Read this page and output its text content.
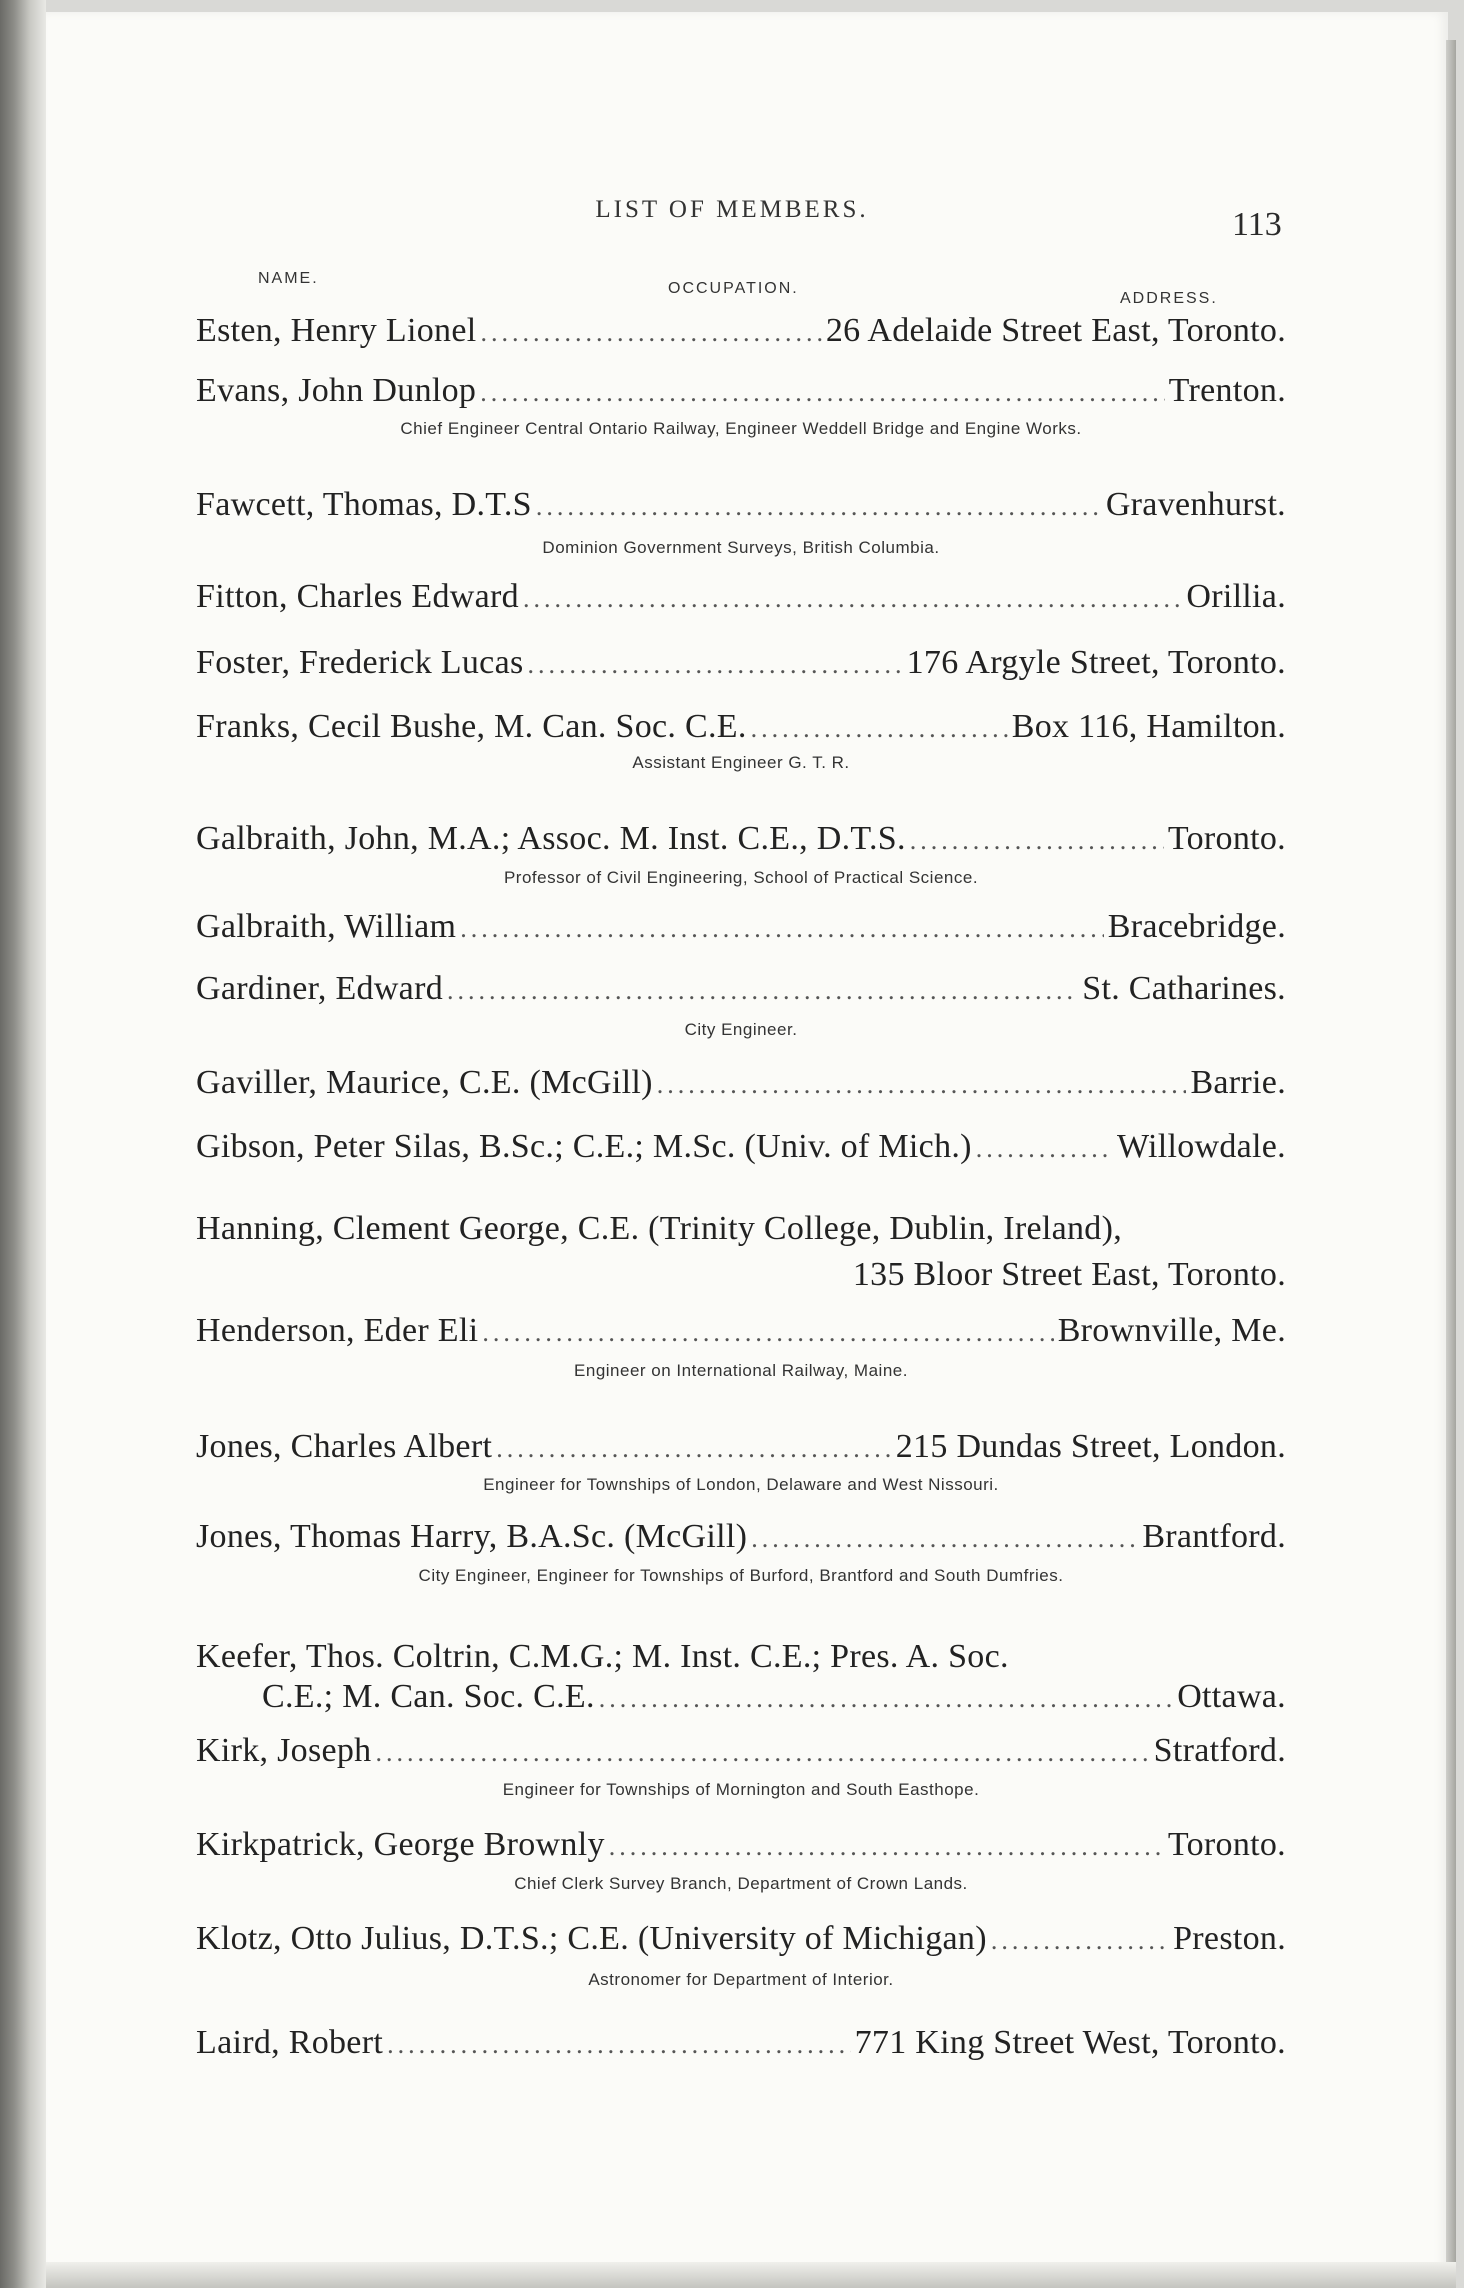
LIST OF MEMBERS.	113
NAME.
OCCUPATION.
ADDRESS.
Esten, Henry Lionel .....	26 Adelaide Street East, Toronto.
Evans, John Dunlop .....	Trenton.
Chief Engineer Central Ontario Railway, Engineer Weddell Bridge and Engine Works.
Fawcett, Thomas, D.T.S .....	Gravenhurst.
Dominion Government Surveys, British Columbia.
Fitton, Charles Edward .....	Orillia.
Foster, Frederick Lucas .....	176 Argyle Street, Toronto.
Franks, Cecil Bushe, M. Can. Soc. C.E. .....	Box 116, Hamilton.
Assistant Engineer G. T. R.
Galbraith, John, M.A.; Assoc. M. Inst. C.E., D.T.S. .....	Toronto.
Professor of Civil Engineering, School of Practical Science.
Galbraith, William .....	Bracebridge.
Gardiner, Edward .....	St. Catharines.
City Engineer.
Gaviller, Maurice, C.E. (McGill) .....	Barrie.
Gibson, Peter Silas, B.Sc.; C.E.; M.Sc. (Univ. of Mich.) .....	Willowdale.
Hanning, Clement George, C.E. (Trinity College, Dublin, Ireland),
135 Bloor Street East, Toronto.
Henderson, Eder Eli .....	Brownville, Me.
Engineer on International Railway, Maine.
Jones, Charles Albert .....	215 Dundas Street, London.
Engineer for Townships of London, Delaware and West Nissouri.
Jones, Thomas Harry, B.A.Sc. (McGill) .....	Brantford.
City Engineer, Engineer for Townships of Burford, Brantford and South Dumfries.
Keefer, Thos. Coltrin, C.M.G.; M. Inst. C.E.; Pres. A. Soc.
C.E.; M. Can. Soc. C.E. .....	Ottawa.
Kirk, Joseph .....	Stratford.
Engineer for Townships of Mornington and South Easthope.
Kirkpatrick, George Brownly .....	Toronto.
Chief Clerk Survey Branch, Department of Crown Lands.
Klotz, Otto Julius, D.T.S.; C.E. (University of Michigan) .....	Preston.
Astronomer for Department of Interior.
Laird, Robert .....	771 King Street West, Toronto.
